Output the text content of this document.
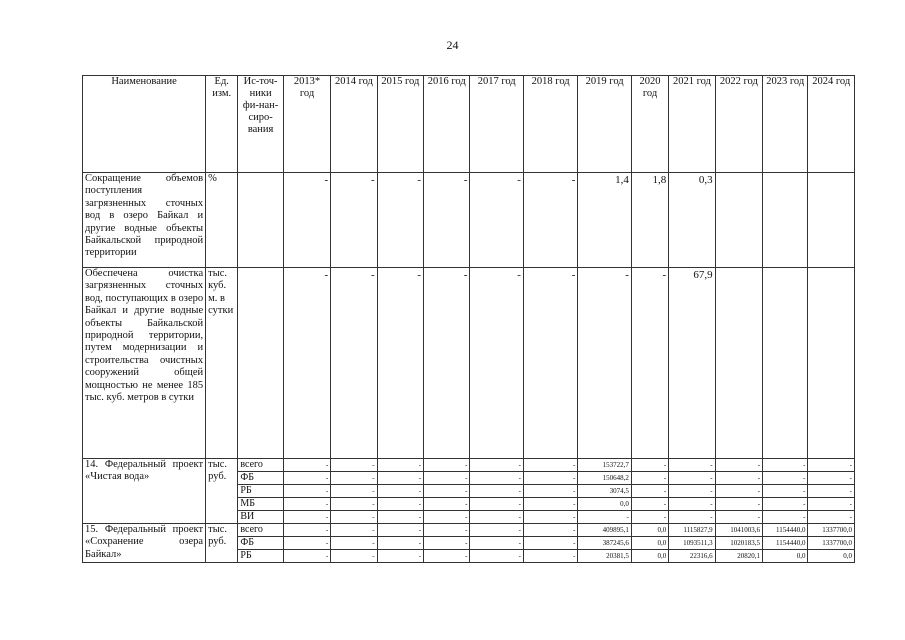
24
Наименование	Ед. изм.	Ис-точ-ники фи-нан-сиро-вания	2013* год	2014 год	2015 год	2016 год	2017 год	2018 год	2019 год	2020 год	2021 год	2022 год	2023 год	2024 год
Сокращение объемов поступления загрязненных сточных вод в озеро Байкал и другие водные объекты Байкальской природной территории	%		-	-	-	-	-	-	1,4	1,8	0,3			
Обеспечена очистка загрязненных сточных вод, поступающих в озеро Байкал и другие водные объекты Байкальской природной территории, путем модернизации и строительства очистных сооружений общей мощностью не менее 185 тыс. куб. метров в сутки	тыс. куб. м. в сутки		-	-	-	-	-	-	-	-	67,9			
14. Федеральный проект «Чистая вода»	тыс. руб.	всего	-	-	-	-	-	-	153722,7	-	-	-	-	-
		ФБ	-	-	-	-	-	-	150648,2	-	-	-	-	-
		РБ	-	-	-	-	-	-	3074,5	-	-	-	-	-
		МБ	-	-	-	-	-	-	0,0	-	-	-	-	-
		ВИ	-	-	-	-	-	-	-	-	-	-	-	-
15. Федеральный проект «Сохранение озера Байкал»	тыс. руб.	всего	-	-	-	-	-	-	409895,1	0,0	1115827,9	1041003,6	1154440,0	1337700,0
		ФБ	-	-	-	-	-	-	387245,6	0,0	1093511,3	1020183,5	1154440,0	1337700,0
		РБ	-	-	-	-	-	-	20381,5	0,0	22316,6	20820,1	0,0	0,0
